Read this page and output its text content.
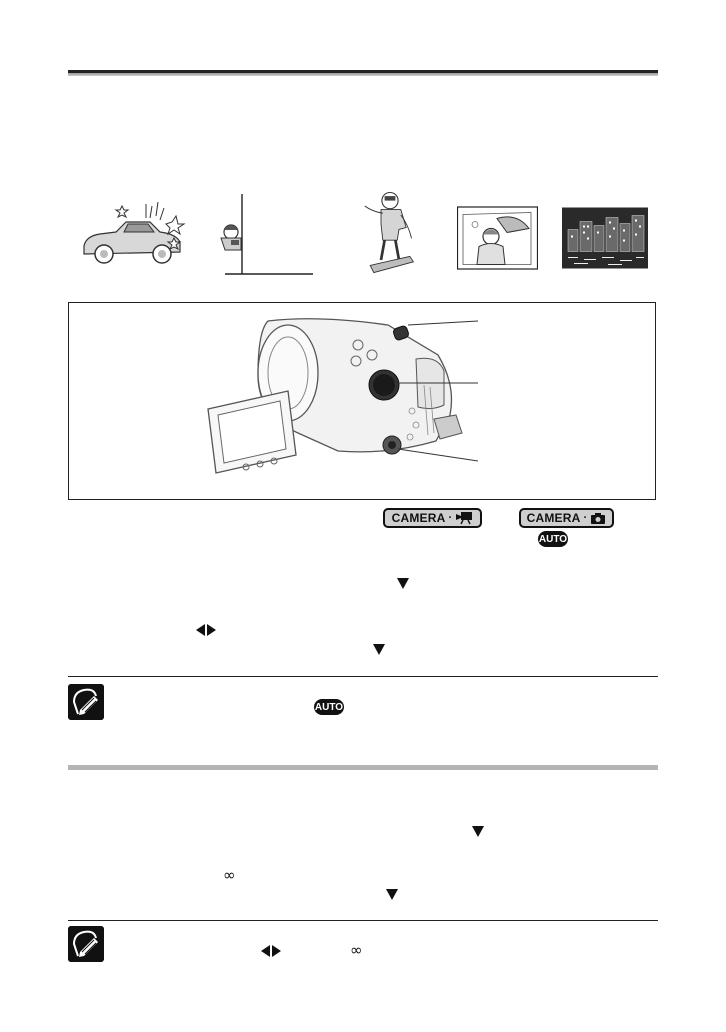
CAMERA ·	CAMERA ·
AUTO
AUTO
∞
∞
